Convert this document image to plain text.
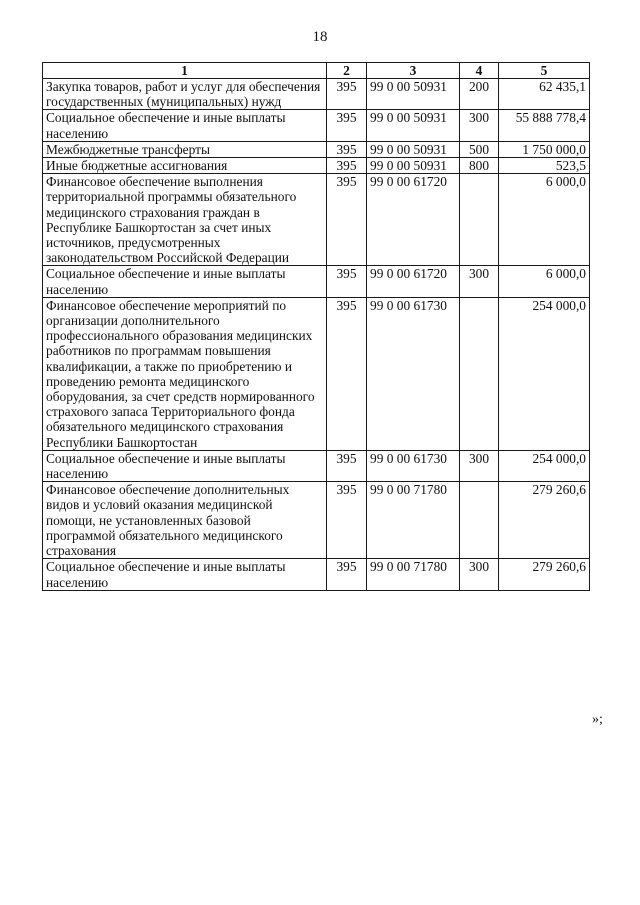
18
1	2	3	4	5
Закупка товаров, работ и услуг для обеспечения государственных (муниципальных) нужд	395	99 0 00 50931	200	62 435,1
Социальное обеспечение и иные выплаты населению	395	99 0 00 50931	300	55 888 778,4
Межбюджетные трансферты	395	99 0 00 50931	500	1 750 000,0
Иные бюджетные ассигнования	395	99 0 00 50931	800	523,5
Финансовое обеспечение выполнения территориальной программы обязательного медицинского страхования граждан в Республике Башкортостан за счет иных источников, предусмотренных законодательством Российской Федерации	395	99 0 00 61720		6 000,0
Социальное обеспечение и иные выплаты населению	395	99 0 00 61720	300	6 000,0
Финансовое обеспечение мероприятий по организации дополнительного профессионального образования медицинских работников по программам повышения квалификации, а также по приобретению и проведению ремонта медицинского оборудования, за счет средств нормированного страхового запаса Территориального фонда обязательного медицинского страхования Республики Башкортостан	395	99 0 00 61730		254 000,0
Социальное обеспечение и иные выплаты населению	395	99 0 00 61730	300	254 000,0
Финансовое обеспечение дополнительных видов и условий оказания медицинской помощи, не установленных базовой программой обязательного медицинского страхования	395	99 0 00 71780		279 260,6
Социальное обеспечение и иные выплаты населению	395	99 0 00 71780	300	279 260,6
»;
